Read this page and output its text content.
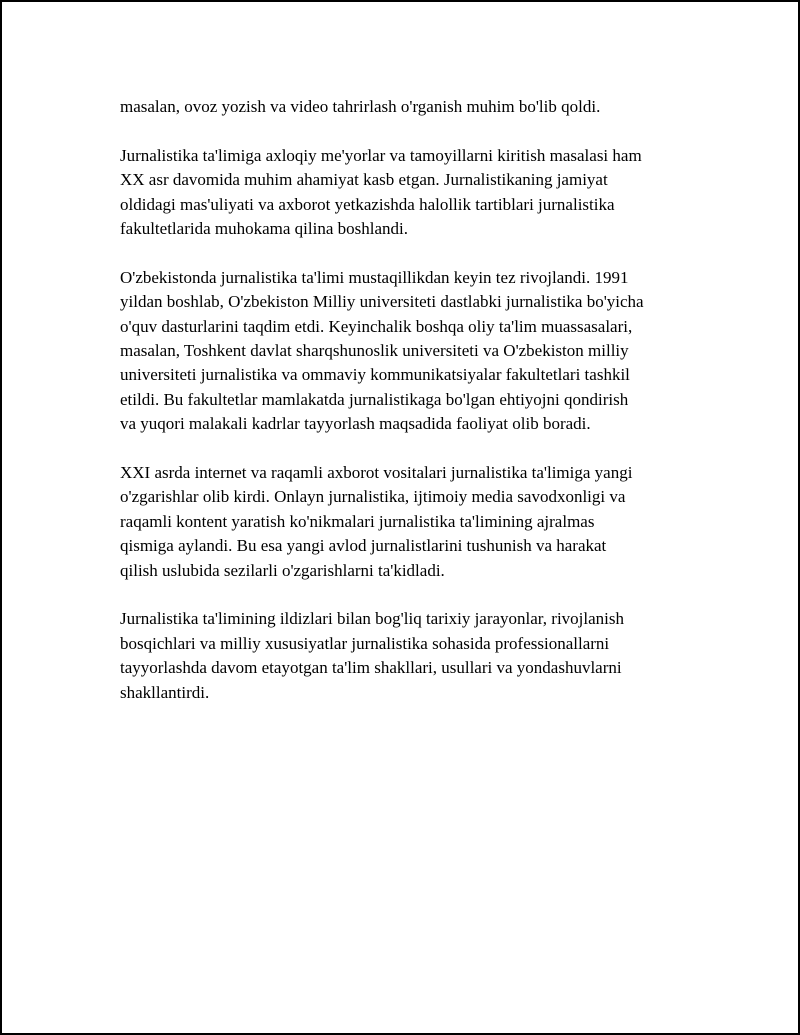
masalan, ovoz yozish va video tahrirlash o'rganish muhim bo'lib qoldi.

Jurnalistika ta'limiga axloqiy me'yorlar va tamoyillarni kiritish masalasi ham
XX asr davomida muhim ahamiyat kasb etgan. Jurnalistikaning jamiyat
oldidagi mas'uliyati va axborot yetkazishda halollik tartiblari jurnalistika
fakultetlarida muhokama qilina boshlandi.

O'zbekistonda jurnalistika ta'limi mustaqillikdan keyin tez rivojlandi. 1991
yildan boshlab, O'zbekiston Milliy universiteti dastlabki jurnalistika bo'yicha
o'quv dasturlarini taqdim etdi. Keyinchalik boshqa oliy ta'lim muassasalari,
masalan, Toshkent davlat sharqshunoslik universiteti va O'zbekiston milliy
universiteti jurnalistika va ommaviy kommunikatsiyalar fakultetlari tashkil
etildi. Bu fakultetlar mamlakatda jurnalistikaga bo'lgan ehtiyojni qondirish
va yuqori malakali kadrlar tayyorlash maqsadida faoliyat olib boradi.

XXI asrda internet va raqamli axborot vositalari jurnalistika ta'limiga yangi
o'zgarishlar olib kirdi. Onlayn jurnalistika, ijtimoiy media savodxonligi va
raqamli kontent yaratish ko'nikmalari jurnalistika ta'limining ajralmas
qismiga aylandi. Bu esa yangi avlod jurnalistlarini tushunish va harakat
qilish uslubida sezilarli o'zgarishlarni ta'kidladi.

Jurnalistika ta'limining ildizlari bilan bog'liq tarixiy jarayonlar, rivojlanish
bosqichlari va milliy xususiyatlar jurnalistika sohasida professionallarni
tayyorlashda davom etayotgan ta'lim shakllari, usullari va yondashuvlarni
shakllantirdi.
